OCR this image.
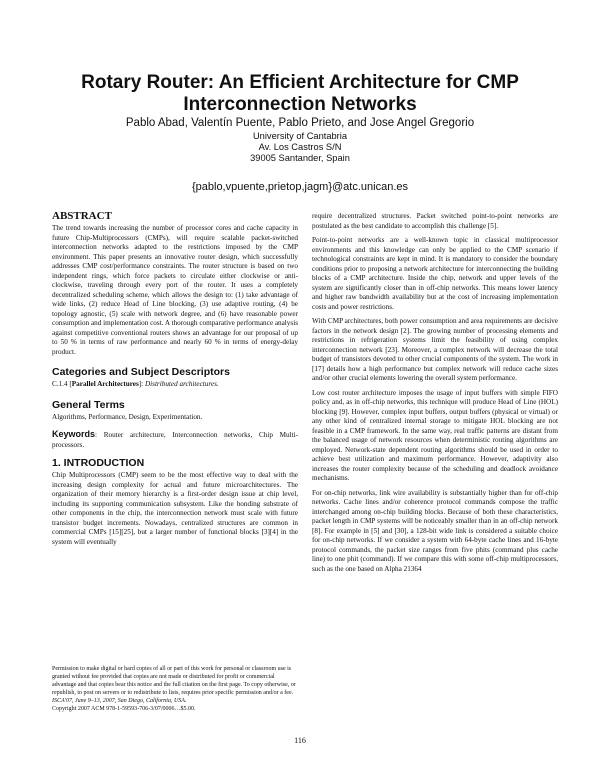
Rotary Router: An Efficient Architecture for CMP
Interconnection Networks
Pablo Abad, Valentín Puente, Pablo Prieto, and Jose Angel Gregorio
University of Cantabria
Av. Los Castros S/N
39005 Santander, Spain
{pablo,vpuente,prietop,jagm}@atc.unican.es
ABSTRACT

The trend towards increasing the number of processor cores and cache capacity in future Chip-Multiprocessors (CMPs), will require scalable packet-switched interconnection networks adapted to the restrictions imposed by the CMP environment. This paper presents an innovative router design, which successfully addresses CMP cost/performance constraints. The router structure is based on two independent rings, which force packets to circulate either clockwise or anti-clockwise, traveling through every port of the router. It uses a completely decentralized scheduling scheme, which allows the design to: (1) take advantage of wide links, (2) reduce Head of Line blocking, (3) use adaptive routing, (4) be topology agnostic, (5) scale with network degree, and (6) have reasonable power consumption and implementation cost. A thorough comparative performance analysis against competitive conventional routers shows an advantage for our proposal of up to 50 % in terms of raw performance and nearly 60 % in terms of energy-delay product.

Categories and Subject Descriptors

C.1.4 [Parallel Architectures]: Distributed architectures.

General Terms

Algorithms, Performance, Design, Experimentation.

Keywords: Router architecture, Interconnection networks, Chip Multi-processors.

1. INTRODUCTION

Chip Multiprocessors (CMP) seem to be the most effective way to deal with the increasing design complexity for actual and future microarchitectures. The organization of their memory hierarchy is a first-order design issue at chip level, including its supporting communication subsystem. Like the bonding substrate of other components in the chip, the interconnection network must scale with future transistor budget increments. Nowadays, centralized structures are common in commercial CMPs [15][25], but a larger number of functional blocks [3][4] in the system will eventually

Permission to make digital or hard copies of all or part of this work for personal or classroom use is granted without fee provided that copies are not made or distributed for profit or commercial advantage and that copies bear this notice and the full citation on the first page. To copy otherwise, or republish, to post on servers or to redistribute to lists, requires prior specific permission and/or a fee.

ISCA'07, June 9–13, 2007, San Diego, California, USA.

Copyright 2007 ACM 978-1-59593-706-3/07/0006…$5.00.

require decentralized structures. Packet switched point-to-point networks are postulated as the best candidate to accomplish this challenge [5].

Point-to-point networks are a well-known topic in classical multiprocessor environments and this knowledge can only be applied to the CMP scenario if technological constraints are kept in mind. It is mandatory to consider the boundary conditions prior to proposing a network architecture for interconnecting the building blocks of a CMP architecture. Inside the chip, network and upper levels of the system are significantly closer than in off-chip networks. This means lower latency and higher raw bandwidth availability but at the cost of increasing implementation costs and power restrictions.

With CMP architectures, both power consumption and area requirements are decisive factors in the network design [2]. The growing number of processing elements and restrictions in refrigeration systems limit the feasibility of using complex interconnection network [23]. Moreover, a complex network will decrease the total budget of transistors devoted to other crucial components of the system. The work in [17] details how a high performance but complex network will reduce cache sizes and/or other crucial elements lowering the overall system performance.

Low cost router architecture imposes the usage of input buffers with simple FIFO policy and, as in off-chip networks, this technique will produce Head of Line (HOL) blocking [9]. However, complex input buffers, output buffers (physical or virtual) or any other kind of centralized internal storage to mitigate HOL blocking are not feasible in a CMP framework. In the same way, real traffic patterns are distant from the balanced usage of network resources when deterministic routing algorithms are employed. Network-state dependent routing algorithms should be used in order to achieve best utilization and maximum performance. However, adaptivity also increases the router complexity because of the scheduling and deadlock avoidance mechanisms.

For on-chip networks, link wire availability is substantially higher than for off-chip networks. Cache lines and/or coherence protocol commands compose the traffic interchanged among on-chip building blocks. Because of both these characteristics, packet length in CMP systems will be noticeably smaller than in an off-chip network [8]. For example in [5] and [30], a 128-bit wide link is considered a suitable choice for on-chip networks. If we consider a system with 64-byte cache lines and 16-byte protocol commands, the packet size ranges from five phits (command plus cache line) to one phit (command). If we compare this with some off-chip multiprocessors, such as the one based on Alpha 21364

116
